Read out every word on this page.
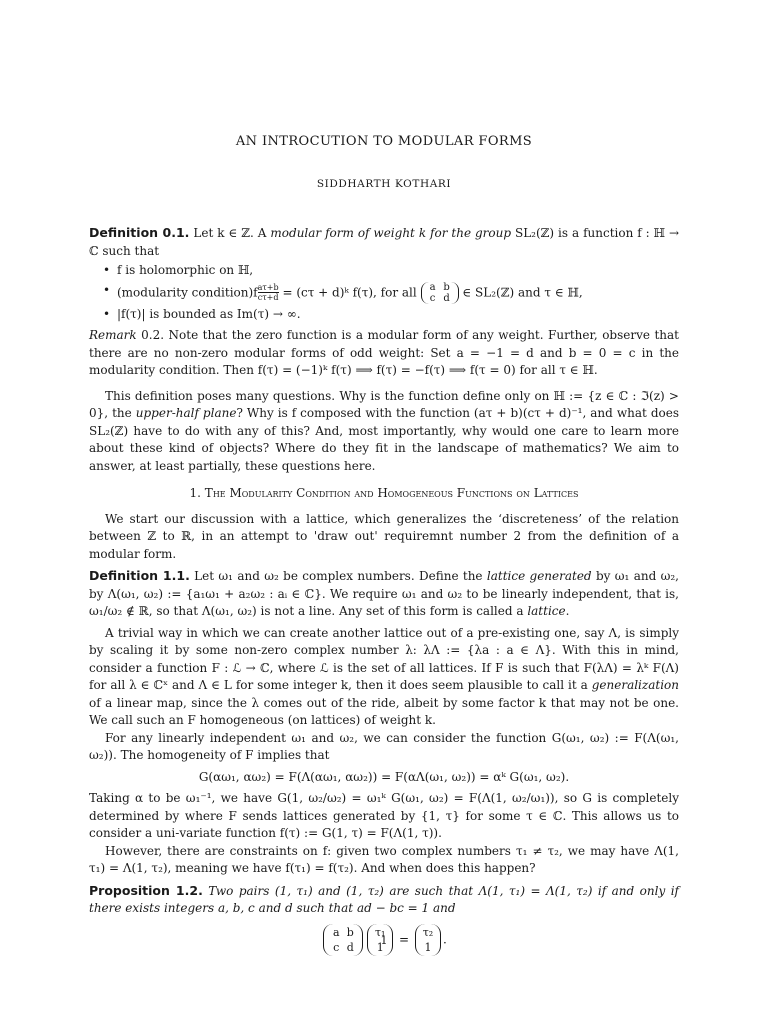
AN INTROCUTION TO MODULAR FORMS
SIDDHARTH KOTHARI

Definition 0.1. Let k ∈ ℤ. A modular form of weight k for the group SL₂(ℤ) is a function f : ℍ → ℂ such that

• f is holomorphic on ℍ,
• (modularity condition)f $\frac{a\tau+b}{c\tau+d} = (c\tau$ + d)ᵏ f(τ), for all a b
c d ∈ SL₂(ℤ) and τ ∈ ℍ,
• |f(τ)| is bounded as Im(τ) → ∞.

Remark 0.2. Note that the zero function is a modular form of any weight. Further, observe that there are no non-zero modular forms of odd weight: Set a = −1 = d and b = 0 = c in the modularity condition. Then f(τ) = (−1)ᵏ f(τ) ⟹ f(τ) = −f(τ) ⟹ f(τ = 0) for all τ ∈ ℍ.

This definition poses many questions. Why is the function define only on ℍ := {z ∈ ℂ : ℑ(z) > 0}, the upper-half plane? Why is f composed with the function (aτ + b)(cτ + d)⁻¹, and what does SL₂(ℤ) have to do with any of this? And, most importantly, why would one care to learn more about these kind of objects? Where do they fit in the landscape of mathematics? We aim to answer, at least partially, these questions here.

1. The Modularity Condition and Homogeneous Functions on Lattices

We start our discussion with a lattice, which generalizes the ‘discreteness’ of the relation between ℤ to ℝ, in an attempt to 'draw out' requiremnt number 2 from the definition of a modular form.

Definition 1.1. Let ω₁ and ω₂ be complex numbers. Define the lattice generated by ω₁ and ω₂, by Λ(ω₁, ω₂) := {a₁ω₁ + a₂ω₂ : aᵢ ∈ ℂ}. We require ω₁ and ω₂ to be linearly independent, that is, ω₁/ω₂ ∉ ℝ, so that Λ(ω₁, ω₂) is not a line. Any set of this form is called a lattice.

A trivial way in which we can create another lattice out of a pre-existing one, say Λ, is simply by scaling it by some non-zero complex number λ: λΛ := {λa : a ∈ Λ}. With this in mind, consider a function F : ℒ → ℂ, where ℒ is the set of all lattices. If F is such that F(λΛ) = λᵏ F(Λ) for all λ ∈ ℂˣ and Λ ∈ L for some integer k, then it does seem plausible to call it a generalization of a linear map, since the λ comes out of the ride, albeit by some factor k that may not be one. We call such an F homogeneous (on lattices) of weight k.

For any linearly independent ω₁ and ω₂, we can consider the function G(ω₁, ω₂) := F(Λ(ω₁, ω₂)). The homogeneity of F implies that

G(αω₁, αω₂) = F(Λ(αω₁, αω₂)) = F(αΛ(ω₁, ω₂)) = αᵏ G(ω₁, ω₂).

Taking α to be ω₁⁻¹, we have G(1, ω₂/ω₂) = ω₁ᵏ G(ω₁, ω₂) = F(Λ(1, ω₂/ω₁)), so G is completely determined by where F sends lattices generated by {1, τ} for some τ ∈ ℂ. This allows us to consider a uni-variate function f(τ) := G(1, τ) = F(Λ(1, τ)).

However, there are constraints on f: given two complex numbers τ₁ ≠ τ₂, we may have Λ(1, τ₁) = Λ(1, τ₂), meaning we have f(τ₁) = f(τ₂). And when does this happen?

Proposition 1.2. Two pairs (1, τ₁) and (1, τ₂) are such that Λ(1, τ₁) = Λ(1, τ₂) if and only if there exists integers a, b, c and d such that ad − bc = 1 and

a b
c dτ₁
1 = τ₂
1.
1
